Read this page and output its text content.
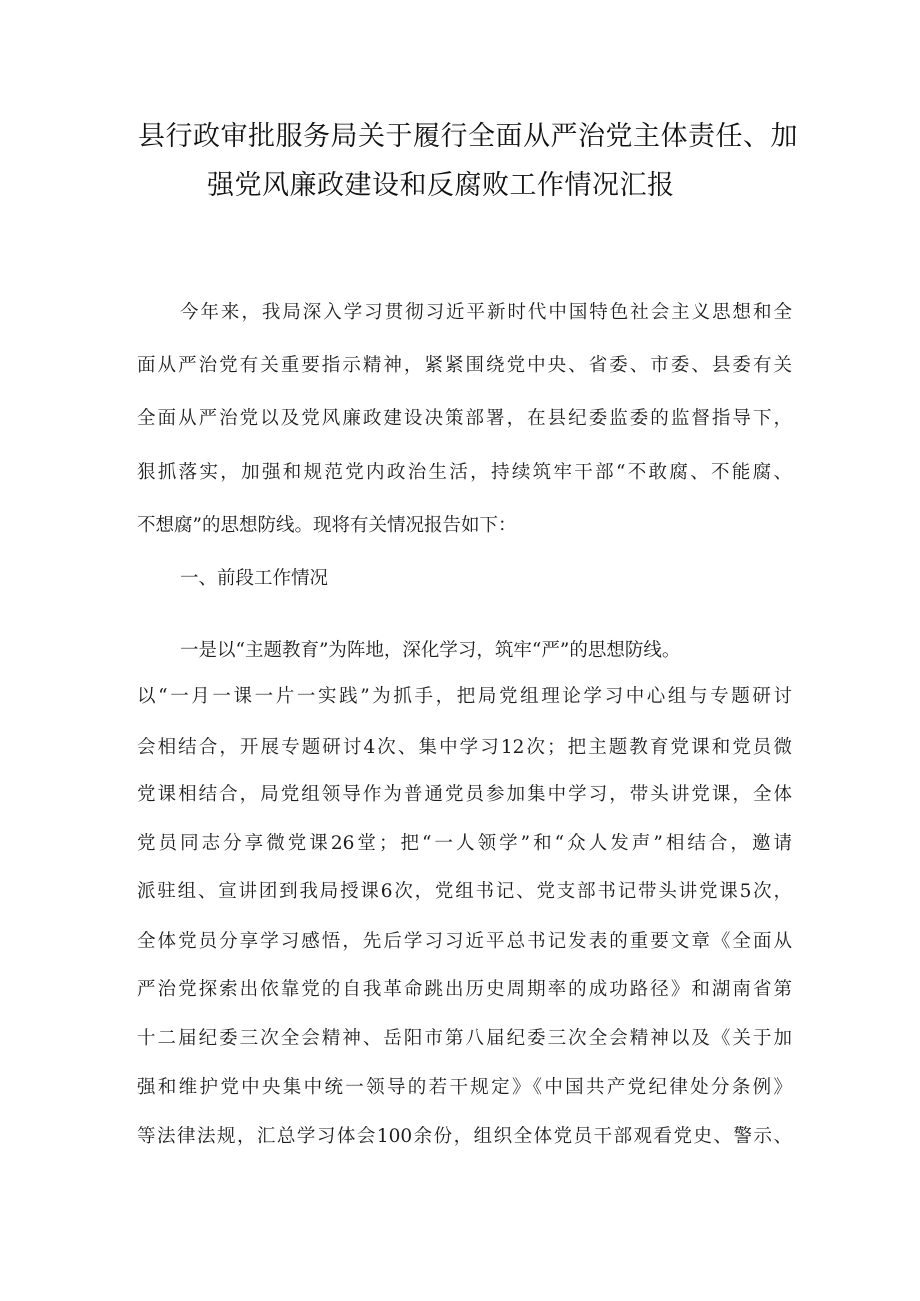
县行政审批服务局关于履行全面从严治党主体责任、加
强党风廉政建设和反腐败工作情况汇报
今年来，我局深入学习贯彻习近平新时代中国特色社会主义思想和全
面从严治党有关重要指示精神，紧紧围绕党中央、省委、市委、县委有关
全面从严治党以及党风廉政建设决策部署，在县纪委监委的监督指导下，
狠抓落实，加强和规范党内政治生活，持续筑牢干部“不敢腐、不能腐、
不想腐”的思想防线。现将有关情况报告如下：
一、前段工作情况
一是以“主题教育”为阵地，深化学习，筑牢“严”的思想防线。
以“一月一课一片一实践”为抓手，把局党组理论学习中心组与专题研讨
会相结合，开展专题研讨4次、集中学习12次；把主题教育党课和党员微
党课相结合，局党组领导作为普通党员参加集中学习，带头讲党课，全体
党员同志分享微党课26堂；把“一人领学”和“众人发声”相结合，邀请
派驻组、宣讲团到我局授课6次，党组书记、党支部书记带头讲党课5次，
全体党员分享学习感悟，先后学习习近平总书记发表的重要文章《全面从
严治党探索出依靠党的自我革命跳出历史周期率的成功路径》和湖南省第
十二届纪委三次全会精神、岳阳市第八届纪委三次全会精神以及《关于加
强和维护党中央集中统一领导的若干规定》《中国共产党纪律处分条例》
等法律法规，汇总学习体会100余份，组织全体党员干部观看党史、警示、
